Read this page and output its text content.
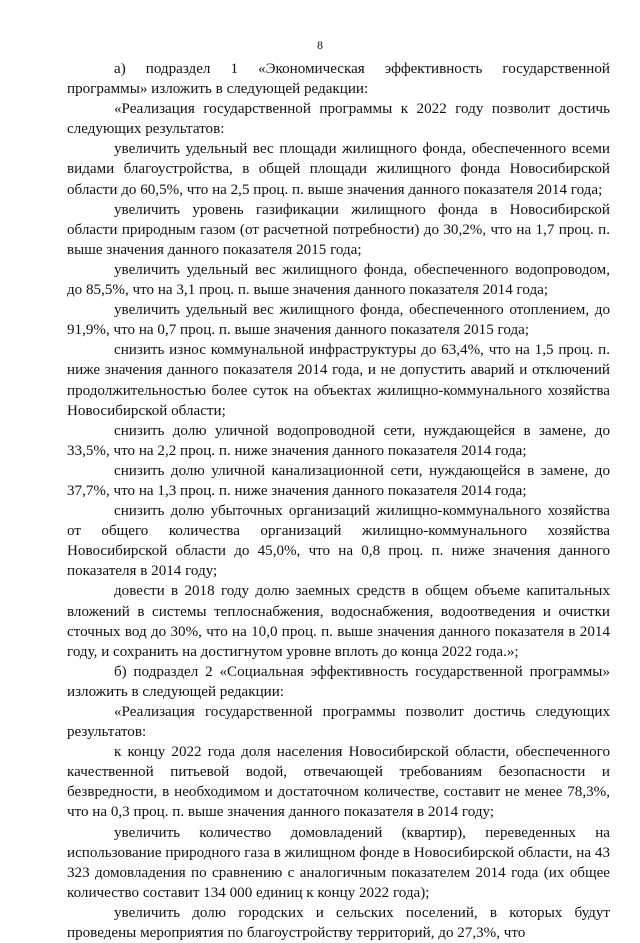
8

а) подраздел 1 «Экономическая эффективность государственной программы» изложить в следующей редакции:

«Реализация государственной программы к 2022 году позволит достичь следующих результатов:

увеличить удельный вес площади жилищного фонда, обеспеченного всеми видами благоустройства, в общей площади жилищного фонда Новосибирской области до 60,5%, что на 2,5 проц. п. выше значения данного показателя 2014 года;

увеличить уровень газификации жилищного фонда в Новосибирской области природным газом (от расчетной потребности) до 30,2%, что на 1,7 проц. п. выше значения данного показателя 2015 года;

увеличить удельный вес жилищного фонда, обеспеченного водопроводом, до 85,5%, что на 3,1 проц. п. выше значения данного показателя 2014 года;

увеличить удельный вес жилищного фонда, обеспеченного отоплением, до 91,9%, что на 0,7 проц. п. выше значения данного показателя 2015 года;

снизить износ коммунальной инфраструктуры до 63,4%, что на 1,5 проц. п. ниже значения данного показателя 2014 года, и не допустить аварий и отключений продолжительностью более суток на объектах жилищно-коммунального хозяйства Новосибирской области;

снизить долю уличной водопроводной сети, нуждающейся в замене, до 33,5%, что на 2,2 проц. п. ниже значения данного показателя 2014 года;

снизить долю уличной канализационной сети, нуждающейся в замене, до 37,7%, что на 1,3 проц. п. ниже значения данного показателя 2014 года;

снизить долю убыточных организаций жилищно-коммунального хозяйства от общего количества организаций жилищно-коммунального хозяйства Новосибирской области до 45,0%, что на 0,8 проц. п. ниже значения данного показателя в 2014 году;

довести в 2018 году долю заемных средств в общем объеме капитальных вложений в системы теплоснабжения, водоснабжения, водоотведения и очистки сточных вод до 30%, что на 10,0 проц. п. выше значения данного показателя в 2014 году, и сохранить на достигнутом уровне вплоть до конца 2022 года.»;

б) подраздел 2 «Социальная эффективность государственной программы» изложить в следующей редакции:

«Реализация государственной программы позволит достичь следующих результатов:

к концу 2022 года доля населения Новосибирской области, обеспеченного качественной питьевой водой, отвечающей требованиям безопасности и безвредности, в необходимом и достаточном количестве, составит не менее 78,3%, что на 0,3 проц. п. выше значения данного показателя в 2014 году;

увеличить количество домовладений (квартир), переведенных на использование природного газа в жилищном фонде в Новосибирской области, на 43 323 домовладения по сравнению с аналогичным показателем 2014 года (их общее количество составит 134 000 единиц к концу 2022 года);

увеличить долю городских и сельских поселений, в которых будут проведены мероприятия по благоустройству территорий, до 27,3%, что
